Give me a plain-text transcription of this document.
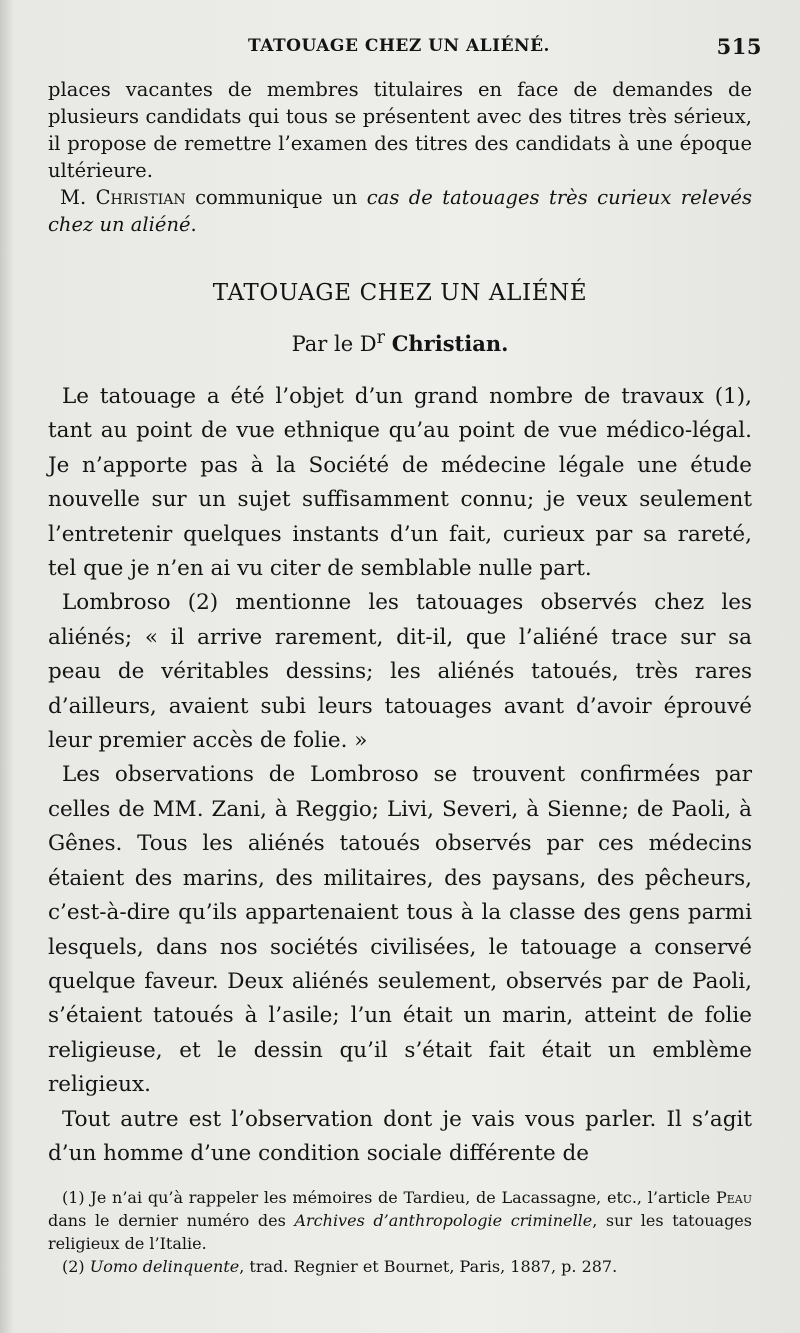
TATOUAGE CHEZ UN ALIÉNÉ.	515

places vacantes de membres titulaires en face de demandes de plusieurs candidats qui tous se présentent avec des titres très sérieux, il propose de remettre l’examen des titres des candidats à une époque ultérieure.

M. Christian communique un cas de tatouages très curieux relevés chez un aliéné.

TATOUAGE CHEZ UN ALIÉNÉ
Par le $D^r$ Christian.

Le tatouage a été l’objet d’un grand nombre de travaux (1), tant au point de vue ethnique qu’au point de vue médico-légal. Je n’apporte pas à la Société de médecine légale une étude nouvelle sur un sujet suffisamment connu; je veux seulement l’entretenir quelques instants d’un fait, curieux par sa rareté, tel que je n’en ai vu citer de semblable nulle part.

Lombroso (2) mentionne les tatouages observés chez les aliénés; « il arrive rarement, dit-il, que l’aliéné trace sur sa peau de véritables dessins; les aliénés tatoués, très rares d’ailleurs, avaient subi leurs tatouages avant d’avoir éprouvé leur premier accès de folie. »

Les observations de Lombroso se trouvent confirmées par celles de MM. Zani, à Reggio; Livi, Severi, à Sienne; de Paoli, à Gênes. Tous les aliénés tatoués observés par ces médecins étaient des marins, des militaires, des paysans, des pêcheurs, c’est-à-dire qu’ils appartenaient tous à la classe des gens parmi lesquels, dans nos sociétés civilisées, le tatouage a conservé quelque faveur. Deux aliénés seulement, observés par de Paoli, s’étaient tatoués à l’asile; l’un était un marin, atteint de folie religieuse, et le dessin qu’il s’était fait était un emblème religieux.

Tout autre est l’observation dont je vais vous parler. Il s’agit d’un homme d’une condition sociale différente de

(1) Je n’ai qu’à rappeler les mémoires de Tardieu, de Lacassagne, etc., l’article Peau dans le dernier numéro des Archives d’anthropologie criminelle, sur les tatouages religieux de l’Italie.

(2) Uomo delinquente, trad. Regnier et Bournet, Paris, 1887, p. 287.
